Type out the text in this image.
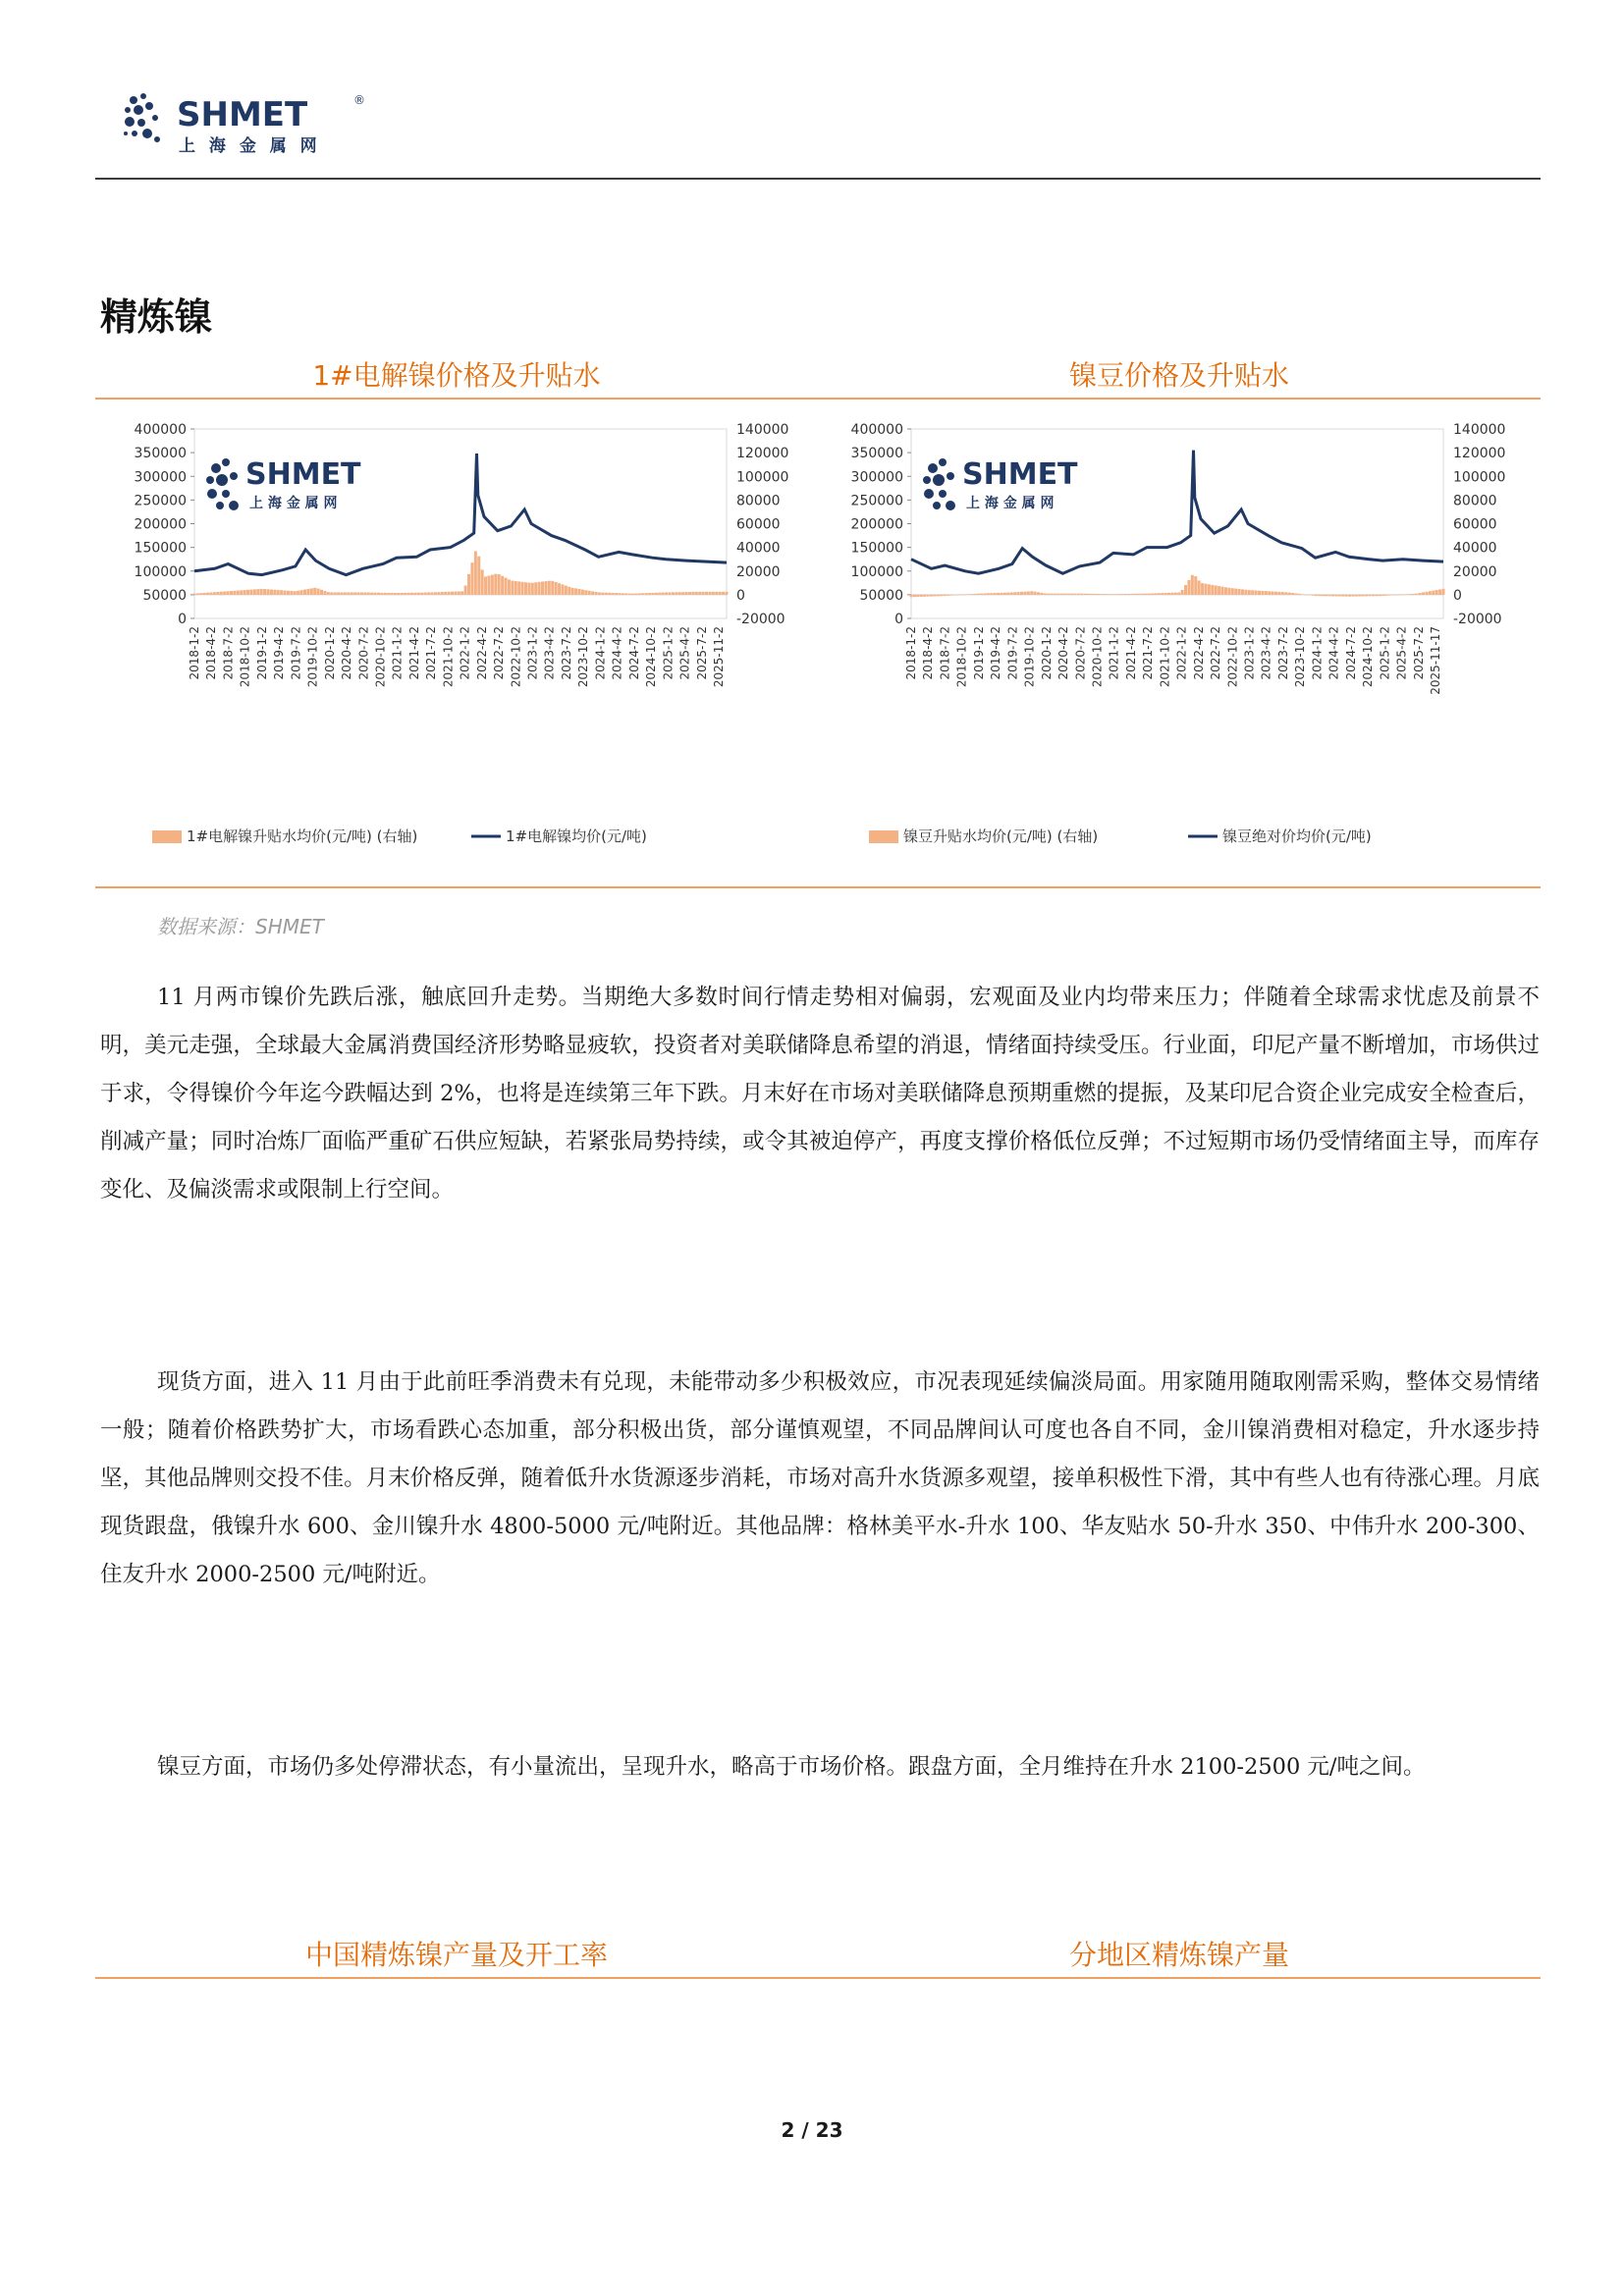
SHMET	®
上 海 金 属 网
精炼镍
1#电解镍价格及升贴水	镍豆价格及升贴水
400000
350000
300000
250000
200000
150000
100000
50000
0
140000
120000
100000
80000
60000
40000
20000
0
-20000
SHMET
上 海 金 属 网
2018-1-2 2018-4-2 2018-7-2 2018-10-2 2019-1-2 2019-4-2 2019-7-2 2019-10-2 2020-1-2 2020-4-2 2020-7-2 2020-10-2 2021-1-2 2021-4-2 2021-7-2 2021-10-2 2022-1-2 2022-4-2 2022-7-2 2022-10-2 2023-1-2 2023-4-2 2023-7-2 2023-10-2 2024-1-2 2024-4-2 2024-7-2 2024-10-2 2025-1-2 2025-4-2 2025-7-2 2025-11-2
1#电解镍升贴水均价(元/吨) (右轴)	1#电解镍均价(元/吨)
400000
350000
300000
250000
200000
150000
100000
50000
0
140000
120000
100000
80000
60000
40000
20000
0
-20000
SHMET
上 海 金 属 网
2018-1-2 2018-4-2 2018-7-2 2018-10-2 2019-1-2 2019-4-2 2019-7-2 2019-10-2 2020-1-2 2020-4-2 2020-7-2 2020-10-2 2021-1-2 2021-4-2 2021-7-2 2021-10-2 2022-1-2 2022-4-2 2022-7-2 2022-10-2 2023-1-2 2023-4-2 2023-7-2 2023-10-2 2024-1-2 2024-4-2 2024-7-2 2024-10-2 2025-1-2 2025-4-2 2025-7-2 2025-11-17
镍豆升贴水均价(元/吨) (右轴)	镍豆绝对价均价(元/吨)
数据来源：SHMET

11 月两市镍价先跌后涨，触底回升走势。当期绝大多数时间行情走势相对偏弱，宏观面及业内均带来压力；伴随着全球需求忧虑及前景不明，美元走强，全球最大金属消费国经济形势略显疲软，投资者对美联储降息希望的消退，情绪面持续受压。行业面，印尼产量不断增加，市场供过于求，令得镍价今年迄今跌幅达到 2%，也将是连续第三年下跌。月末好在市场对美联储降息预期重燃的提振，及某印尼合资企业完成安全检查后，削减产量；同时冶炼厂面临严重矿石供应短缺，若紧张局势持续，或令其被迫停产，再度支撑价格低位反弹；不过短期市场仍受情绪面主导，而库存变化、及偏淡需求或限制上行空间。

现货方面，进入 11 月由于此前旺季消费未有兑现，未能带动多少积极效应，市况表现延续偏淡局面。用家随用随取刚需采购，整体交易情绪一般；随着价格跌势扩大，市场看跌心态加重，部分积极出货，部分谨慎观望，不同品牌间认可度也各自不同，金川镍消费相对稳定，升水逐步持坚，其他品牌则交投不佳。月末价格反弹，随着低升水货源逐步消耗，市场对高升水货源多观望，接单积极性下滑，其中有些人也有待涨心理。月底现货跟盘，俄镍升水 600、金川镍升水 4800-5000 元/吨附近。其他品牌：格林美平水-升水 100、华友贴水 50-升水 350、中伟升水 200-300、住友升水 2000-2500 元/吨附近。

镍豆方面，市场仍多处停滞状态，有小量流出，呈现升水，略高于市场价格。跟盘方面，全月维持在升水 2100-2500 元/吨之间。

中国精炼镍产量及开工率	分地区精炼镍产量
2 / 23
